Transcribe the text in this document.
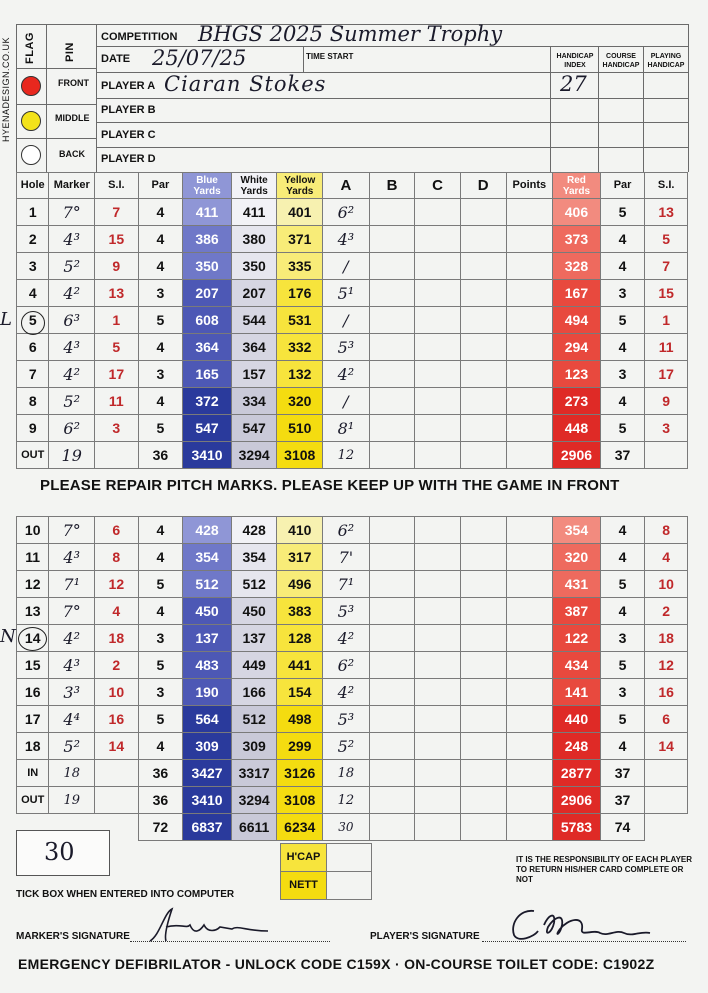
HYENADESIGN.CO.UK FLAG	PIN
FRONT
MIDDLE
BACK
COMPETITION BHGS 2025 Summer Trophy
DATE 25/07/25	TIME START	HANDICAP INDEX
COURSE HANDICAP
PLAYING HANDICAP
PLAYER A Ciaran Stokes	27
PLAYER B
PLAYER C
PLAYER D
Hole	Marker	S.I.	Par	Blue Yards	White Yards	Yellow Yards	A	B	C	D	Points	Red Yards	Par	S.I.
1	7°	7	4	411	411	401	6²					406	5	13
2	4³	15	4	386	380	371	4³					373	4	5
3	5²	9	4	350	350	335	/					328	4	7
4	4²	13	3	207	207	176	5¹					167	3	15
5	6³	1	5	608	544	531	/					494	5	1
6	4³	5	4	364	364	332	5³					294	4	11
7	4²	17	3	165	157	132	4²					123	3	17
8	5²	11	4	372	334	320	/					273	4	9
9	6²	3	5	547	547	510	8¹					448	5	3
OUT	19		36	3410	3294	3108	12					2906	37	
L
PLEASE REPAIR PITCH MARKS. PLEASE KEEP UP WITH THE GAME IN FRONT
10	7°	6	4	428	428	410	6²					354	4	8
11	4³	8	4	354	354	317	7'					320	4	4
12	7¹	12	5	512	512	496	7¹					431	5	10
13	7°	4	4	450	450	383	5³					387	4	2
14	4²	18	3	137	137	128	4²					122	3	18
15	4³	2	5	483	449	441	6²					434	5	12
16	3³	10	3	190	166	154	4²					141	3	16
17	4⁴	16	5	564	512	498	5³					440	5	6
18	5²	14	4	309	309	299	5²					248	4	14
IN	18		36	3427	3317	3126	18					2877	37	
OUT	19		36	3410	3294	3108	12					2906	37	
			72	6837	6611	6234	30					5783	74	
N
H'CAP
NETT
30	IT IS THE RESPONSIBILITY OF EACH PLAYER TO RETURN HIS/HER CARD COMPLETE OR NOT
TICK BOX WHEN ENTERED INTO COMPUTER
MARKER'S SIGNATURE	PLAYER'S SIGNATURE
EMERGENCY DEFIBRILATOR - UNLOCK CODE C159X · ON-COURSE TOILET CODE: C1902Z
